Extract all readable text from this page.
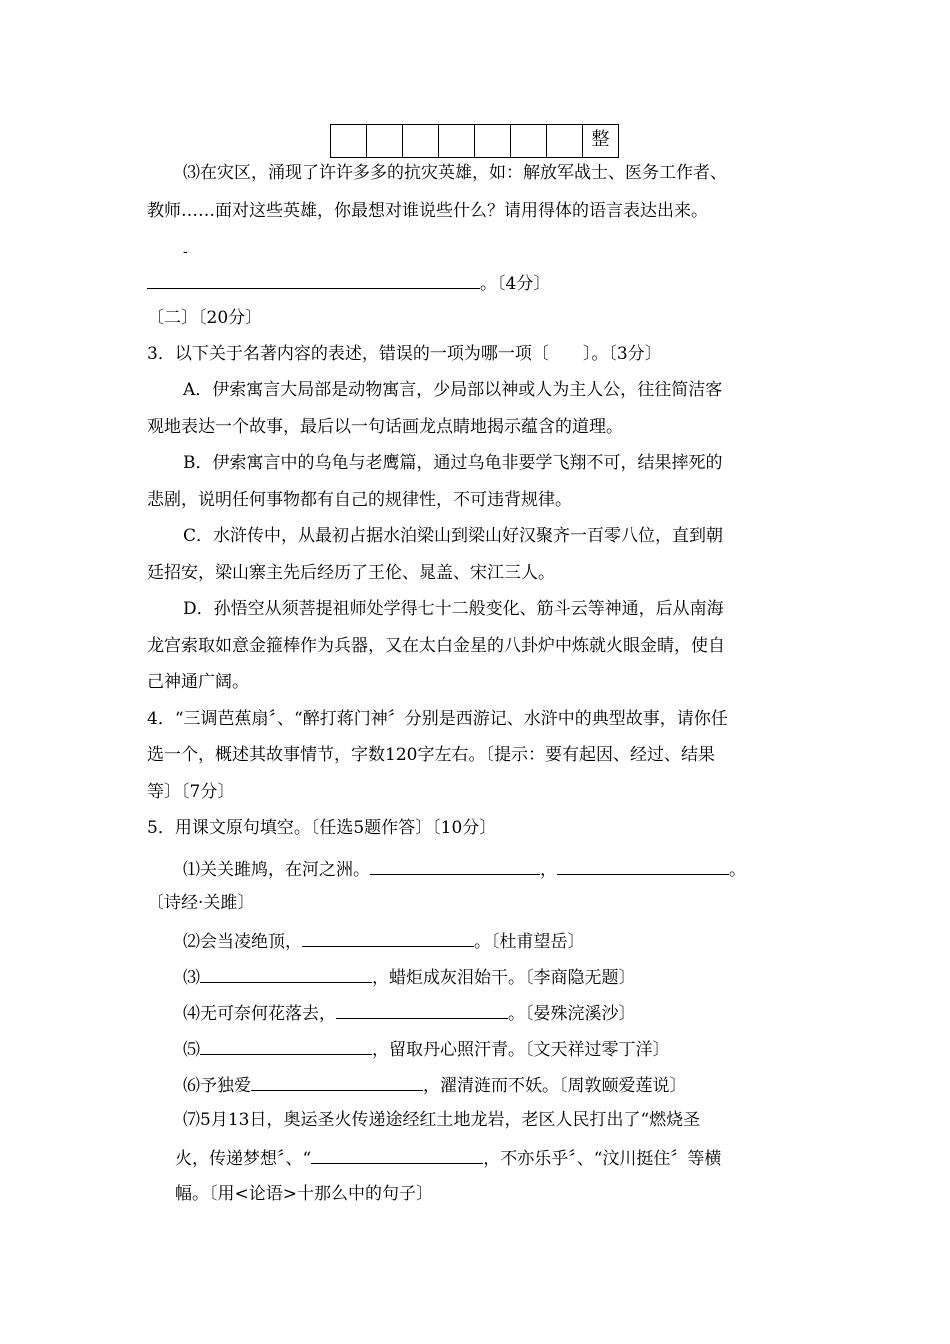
整
⑶在灾区，涌现了许许多多的抗灾英雄，如：解放军战士、医务工作者、
教师……面对这些英雄，你最想对谁说些什么？请用得体的语言表达出来。
-
。〔4分〕
〔二〕〔20分〕
3．以下关于名著内容的表述，错误的一项为哪一项〔　　〕。〔3分〕
A．伊索寓言大局部是动物寓言，少局部以神或人为主人公，往往简洁客
观地表达一个故事，最后以一句话画龙点睛地揭示蕴含的道理。
B．伊索寓言中的乌龟与老鹰篇，通过乌龟非要学飞翔不可，结果摔死的
悲剧，说明任何事物都有自己的规律性，不可违背规律。
C．水浒传中，从最初占据水泊梁山到梁山好汉聚齐一百零八位，直到朝
廷招安，梁山寨主先后经历了王伦、晁盖、宋江三人。
D．孙悟空从须菩提祖师处学得七十二般变化、筋斗云等神通，后从南海
龙宫索取如意金箍棒作为兵器，又在太白金星的八卦炉中炼就火眼金睛，使自
己神通广阔。
4．“三调芭蕉扇〞、“醉打蒋门神〞分别是西游记、水浒中的典型故事，请你任
选一个，概述其故事情节，字数120字左右。〔提示：要有起因、经过、结果
等〕〔7分〕
5．用课文原句填空。〔任选5题作答〕〔10分〕
⑴关关雎鸠，在河之洲。	，	。
〔诗经·关雎〕
⑵会当凌绝顶，	。〔杜甫望岳〕
⑶	，蜡炬成灰泪始干。〔李商隐无题〕
⑷无可奈何花落去，	。〔晏殊浣溪沙〕
⑸	，留取丹心照汗青。〔文天祥过零丁洋〕
⑹予独爱	，濯清涟而不妖。〔周敦颐爱莲说〕
⑺5月13日，奥运圣火传递途经红土地龙岩，老区人民打出了“燃烧圣
火，传递梦想〞、“	，不亦乐乎〞、“汶川挺住〞等横
幅。〔用<论语>十那么中的句子〕
